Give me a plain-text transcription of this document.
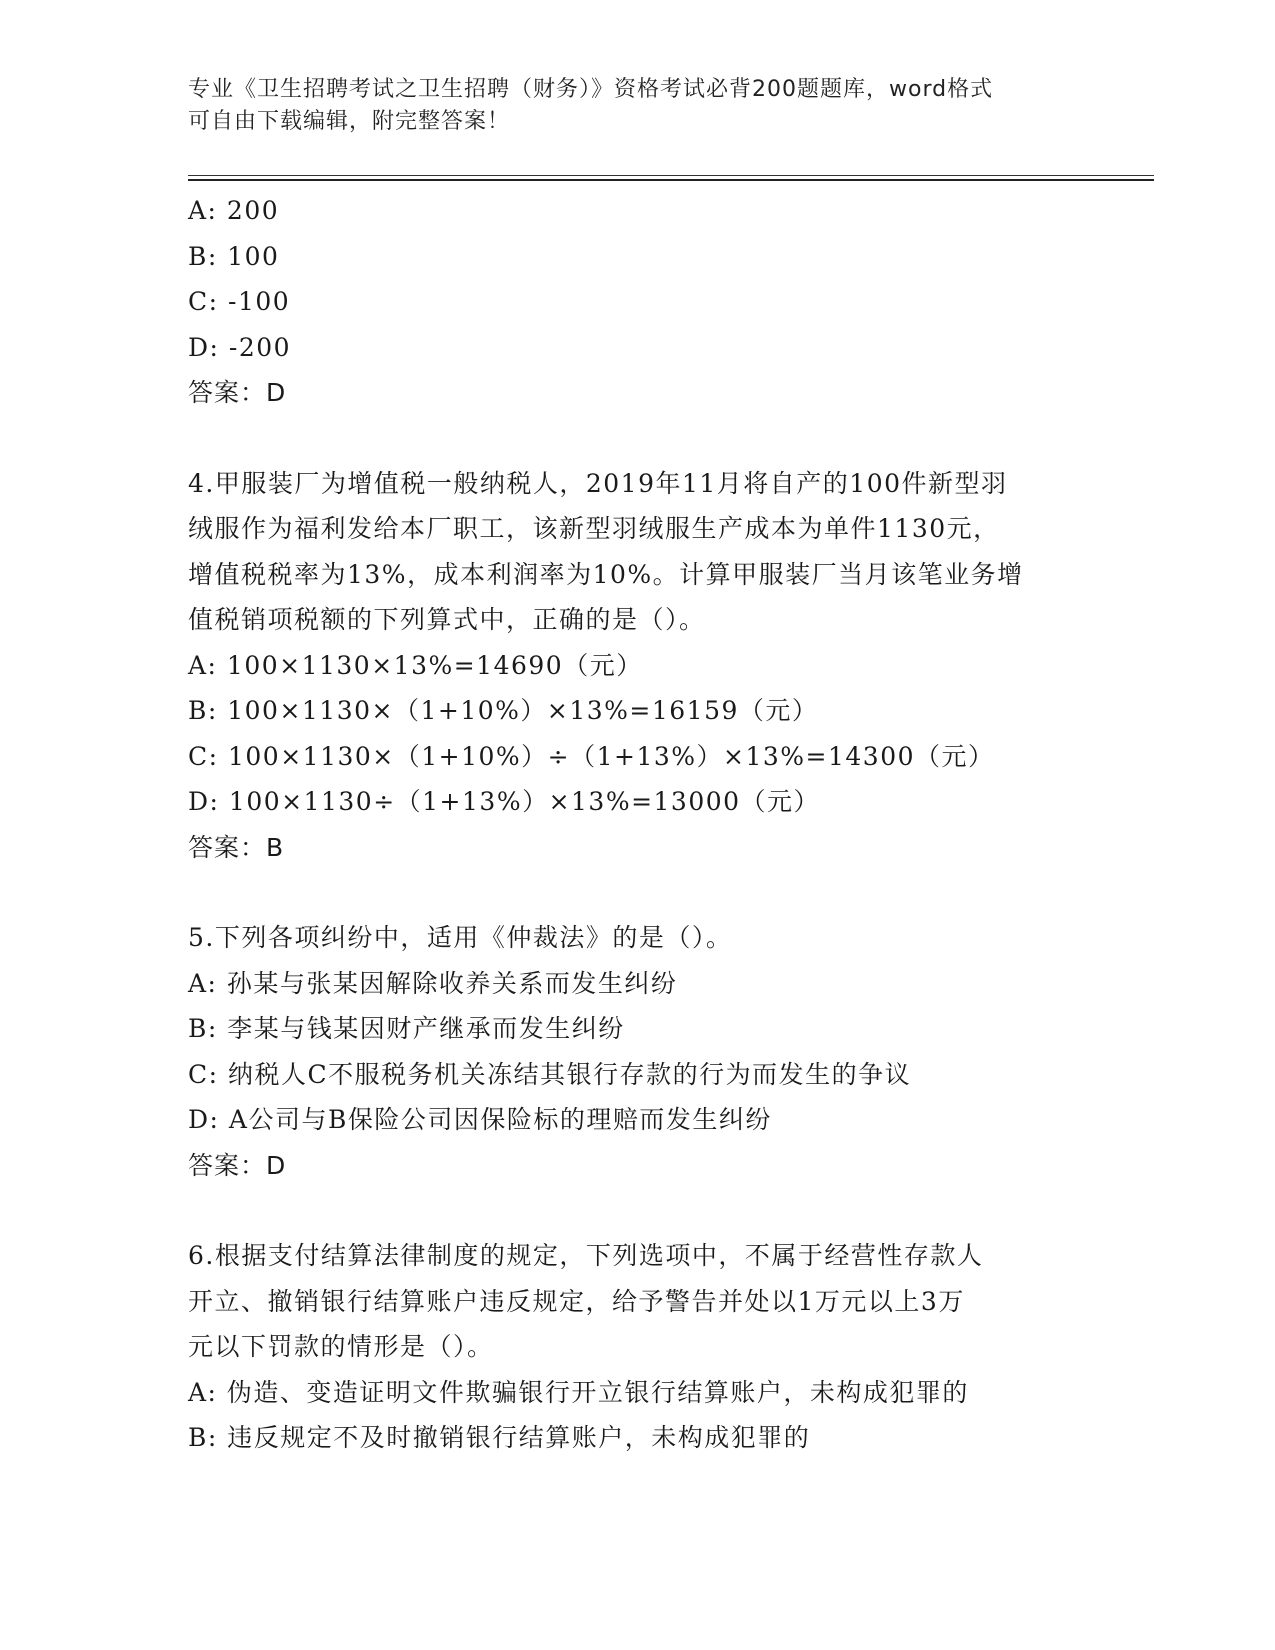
专业《卫生招聘考试之卫生招聘（财务）》资格考试必背200题题库，word格式
可自由下载编辑，附完整答案！
A: 200
B: 100
C: -100
D: -200
答案：D
4.甲服装厂为增值税一般纳税人，2019年11月将自产的100件新型羽
绒服作为福利发给本厂职工，该新型羽绒服生产成本为单件1130元，
增值税税率为13%，成本利润率为10%。计算甲服装厂当月该笔业务增
值税销项税额的下列算式中，正确的是（）。
A: 100×1130×13%=14690（元）
B: 100×1130×（1+10%）×13%=16159（元）
C: 100×1130×（1+10%）÷（1+13%）×13%=14300（元）
D: 100×1130÷（1+13%）×13%=13000（元）
答案：B
5.下列各项纠纷中，适用《仲裁法》的是（）。
A: 孙某与张某因解除收养关系而发生纠纷
B: 李某与钱某因财产继承而发生纠纷
C: 纳税人C不服税务机关冻结其银行存款的行为而发生的争议
D: A公司与B保险公司因保险标的理赔而发生纠纷
答案：D
6.根据支付结算法律制度的规定，下列选项中，不属于经营性存款人
开立、撤销银行结算账户违反规定，给予警告并处以1万元以上3万
元以下罚款的情形是（）。
A: 伪造、变造证明文件欺骗银行开立银行结算账户，未构成犯罪的
B: 违反规定不及时撤销银行结算账户，未构成犯罪的
